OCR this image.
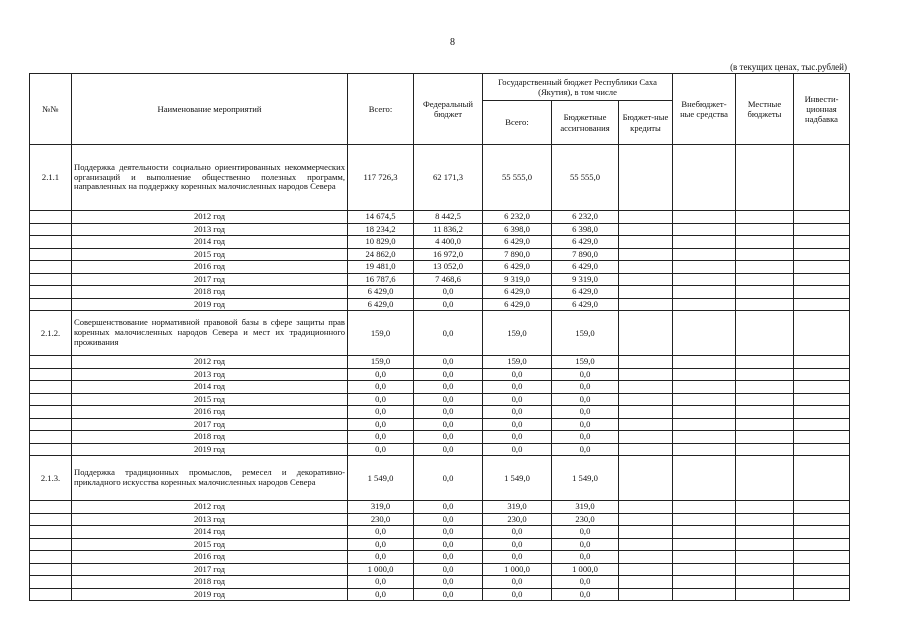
8
(в текущих ценах, тыс.рублей)
№№	Наименование мероприятий	Всего:	Федеральный бюджет	Государственный бюджет Республики Саха (Якутия), в том числе			Внебюджет-ные средства	Местные бюджеты	Инвести-ционная надбавка
				Всего:	Бюджетные ассигнования	Бюджет-ные кредиты			
2.1.1	Поддержка деятельности социально ориентированных некоммерческих организаций и выполнение общественно полезных программ, направленных на поддержку коренных малочисленных народов Севера	117 726,3	62 171,3	55 555,0	55 555,0				
	2012 год	14 674,5	8 442,5	6 232,0	6 232,0				
	2013 год	18 234,2	11 836,2	6 398,0	6 398,0				
	2014 год	10 829,0	4 400,0	6 429,0	6 429,0				
	2015 год	24 862,0	16 972,0	7 890,0	7 890,0				
	2016 год	19 481,0	13 052,0	6 429,0	6 429,0				
	2017 год	16 787,6	7 468,6	9 319,0	9 319,0				
	2018 год	6 429,0	0,0	6 429,0	6 429,0				
	2019 год	6 429,0	0,0	6 429,0	6 429,0				
2.1.2.	Совершенствование нормативной правовой базы в сфере защиты прав коренных малочисленных народов Севера и мест их традиционного проживания	159,0	0,0	159,0	159,0				
	2012 год	159,0	0,0	159,0	159,0				
	2013 год	0,0	0,0	0,0	0,0				
	2014 год	0,0	0,0	0,0	0,0				
	2015 год	0,0	0,0	0,0	0,0				
	2016 год	0,0	0,0	0,0	0,0				
	2017 год	0,0	0,0	0,0	0,0				
	2018 год	0,0	0,0	0,0	0,0				
	2019 год	0,0	0,0	0,0	0,0				
2.1.3.	Поддержка традиционных промыслов, ремесел и декоративно-прикладного искусства коренных малочисленных народов Севера	1 549,0	0,0	1 549,0	1 549,0				
	2012 год	319,0	0,0	319,0	319,0				
	2013 год	230,0	0,0	230,0	230,0				
	2014 год	0,0	0,0	0,0	0,0				
	2015 год	0,0	0,0	0,0	0,0				
	2016 год	0,0	0,0	0,0	0,0				
	2017 год	1 000,0	0,0	1 000,0	1 000,0				
	2018 год	0,0	0,0	0,0	0,0				
	2019 год	0,0	0,0	0,0	0,0				
